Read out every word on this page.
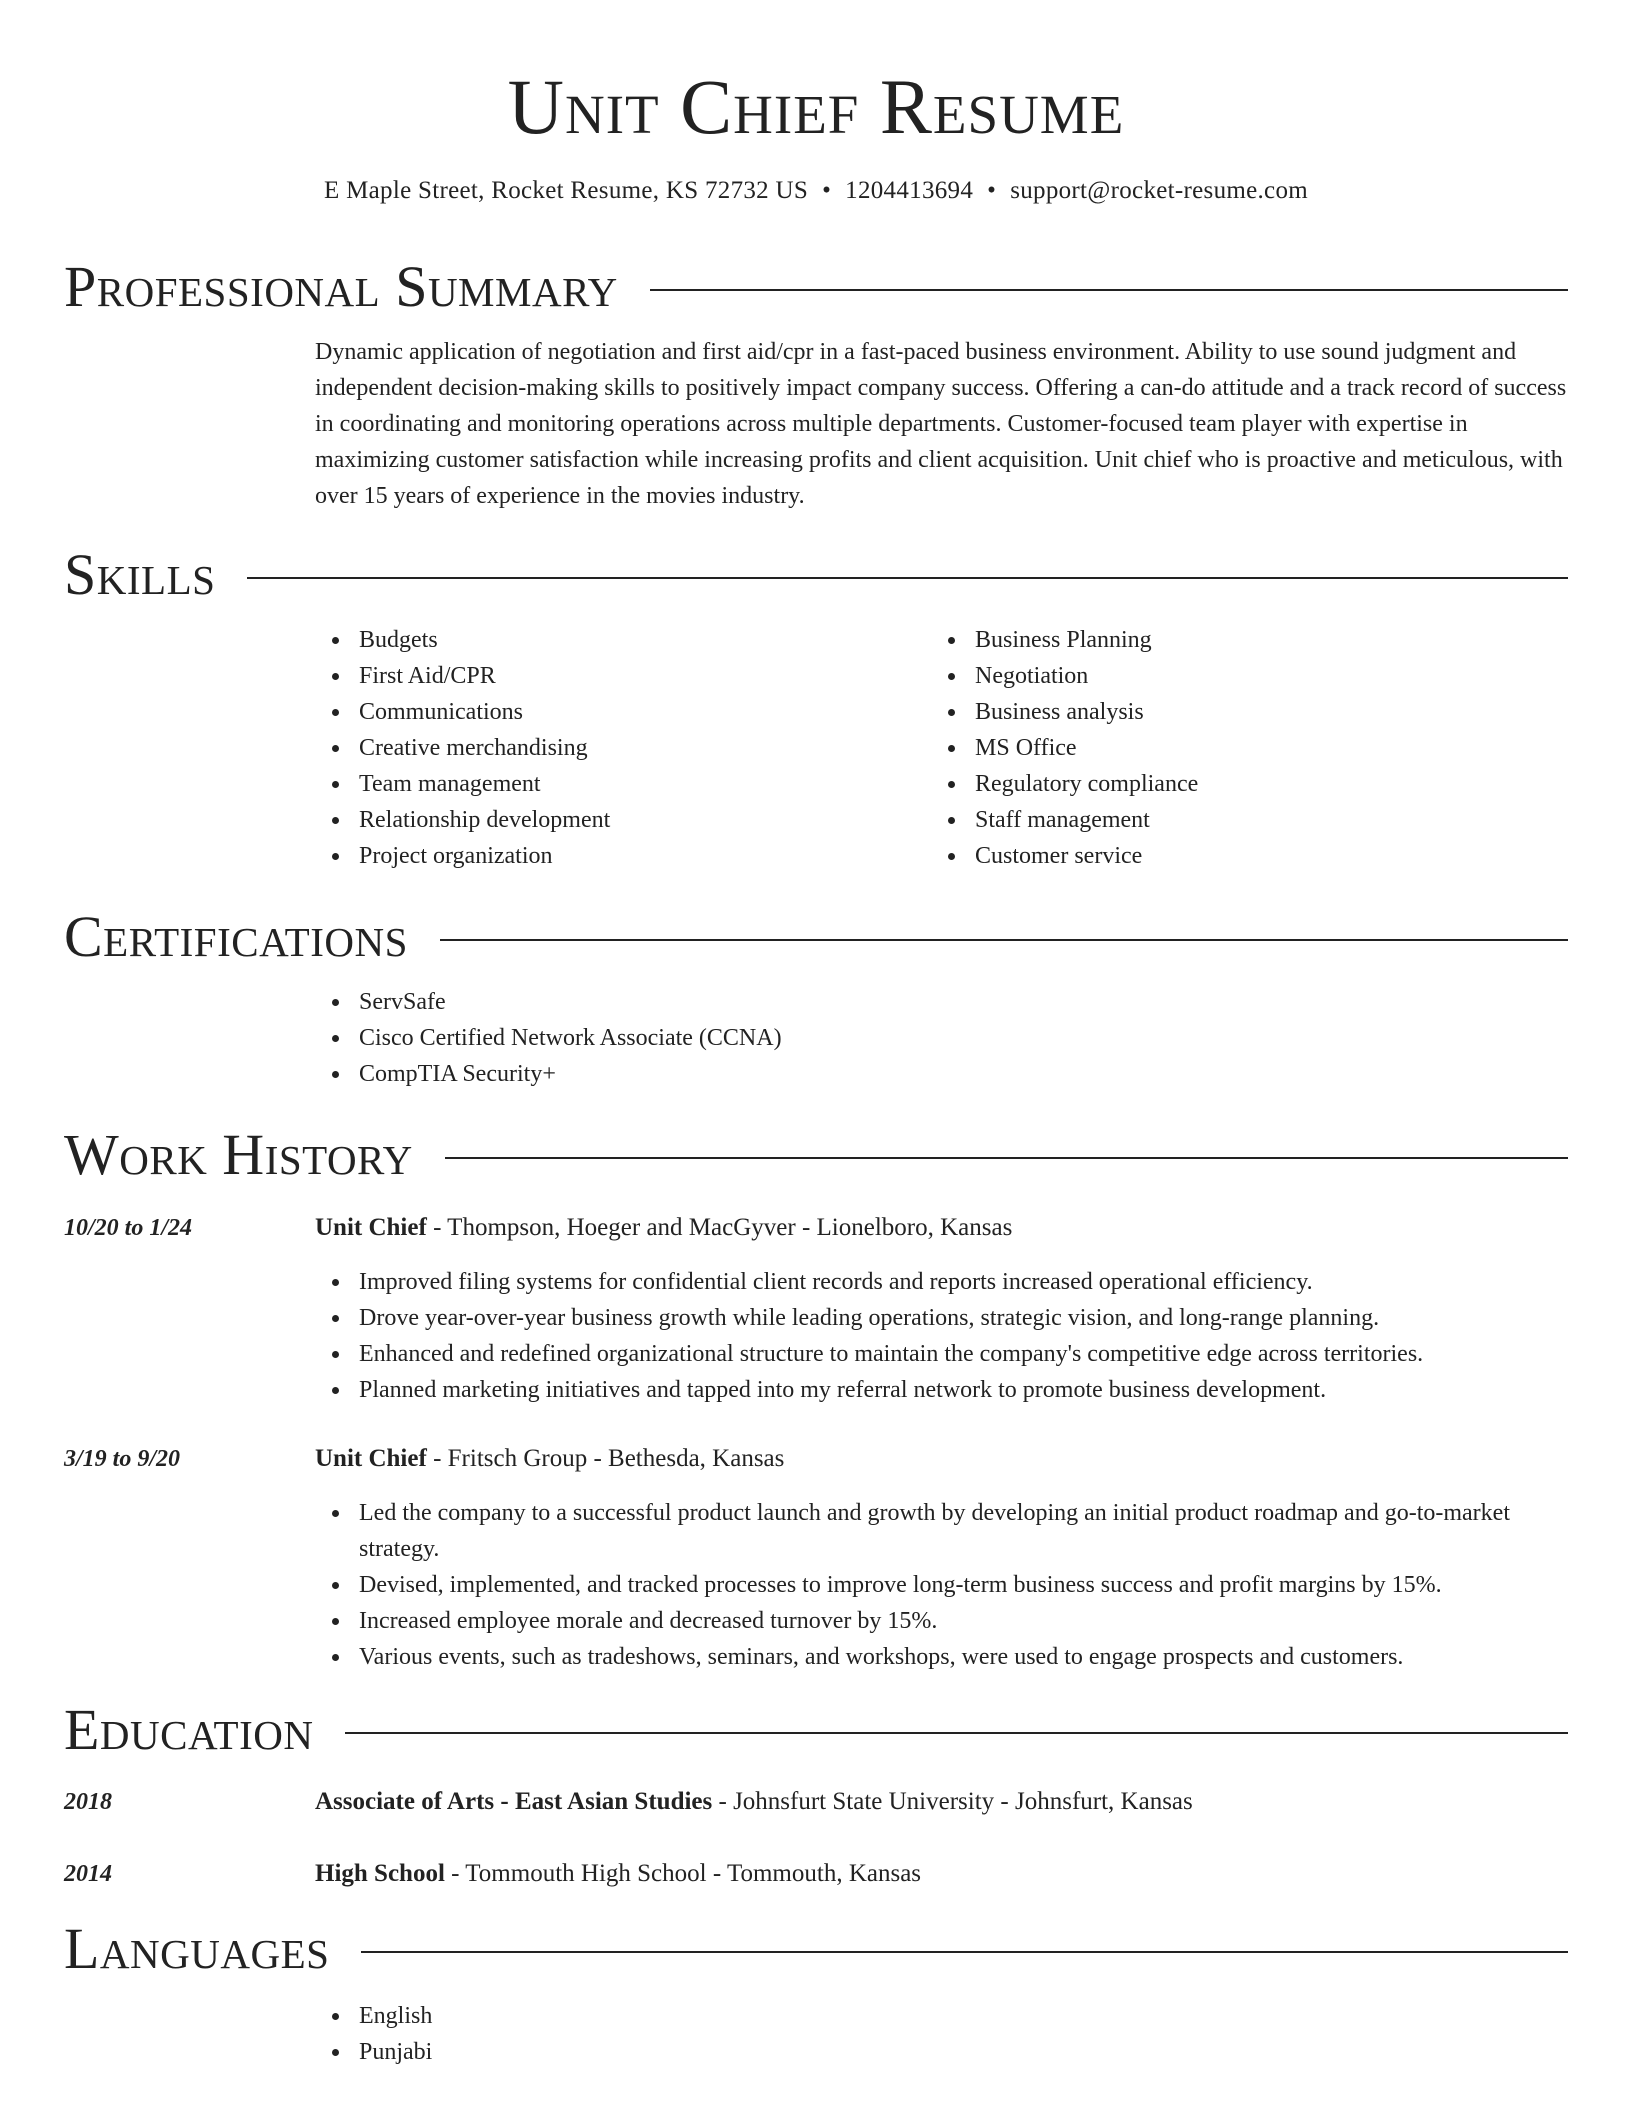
Unit Chief Resume
E Maple Street, Rocket Resume, KS 72732 US • 1204413694 • support@rocket-resume.com
Professional Summary

Dynamic application of negotiation and first aid/cpr in a fast-paced business environment. Ability to use sound judgment and independent decision-making skills to positively impact company success. Offering a can-do attitude and a track record of success in coordinating and monitoring operations across multiple departments. Customer-focused team player with expertise in maximizing customer satisfaction while increasing profits and client acquisition. Unit chief who is proactive and meticulous, with over 15 years of experience in the movies industry.

Skills
Budgets
First Aid/CPR
Communications
Creative merchandising
Team management
Relationship development
Project organization
Business Planning
Negotiation
Business analysis
MS Office
Regulatory compliance
Staff management
Customer service
Certifications
ServSafe
Cisco Certified Network Associate (CCNA)
CompTIA Security+
Work History
10/20 to 1/24	Unit Chief - Thompson, Hoeger and MacGyver - Lionelboro, Kansas
Improved filing systems for confidential client records and reports increased operational efficiency.
Drove year-over-year business growth while leading operations, strategic vision, and long-range planning.
Enhanced and redefined organizational structure to maintain the company's competitive edge across territories.
Planned marketing initiatives and tapped into my referral network to promote business development.
3/19 to 9/20	Unit Chief - Fritsch Group - Bethesda, Kansas
Led the company to a successful product launch and growth by developing an initial product roadmap and go-to-market strategy.
Devised, implemented, and tracked processes to improve long-term business success and profit margins by 15%.
Increased employee morale and decreased turnover by 15%.
Various events, such as tradeshows, seminars, and workshops, were used to engage prospects and customers.
Education
2018	Associate of Arts - East Asian Studies - Johnsfurt State University - Johnsfurt, Kansas
2014	High School - Tommouth High School - Tommouth, Kansas
Languages
English
Punjabi
